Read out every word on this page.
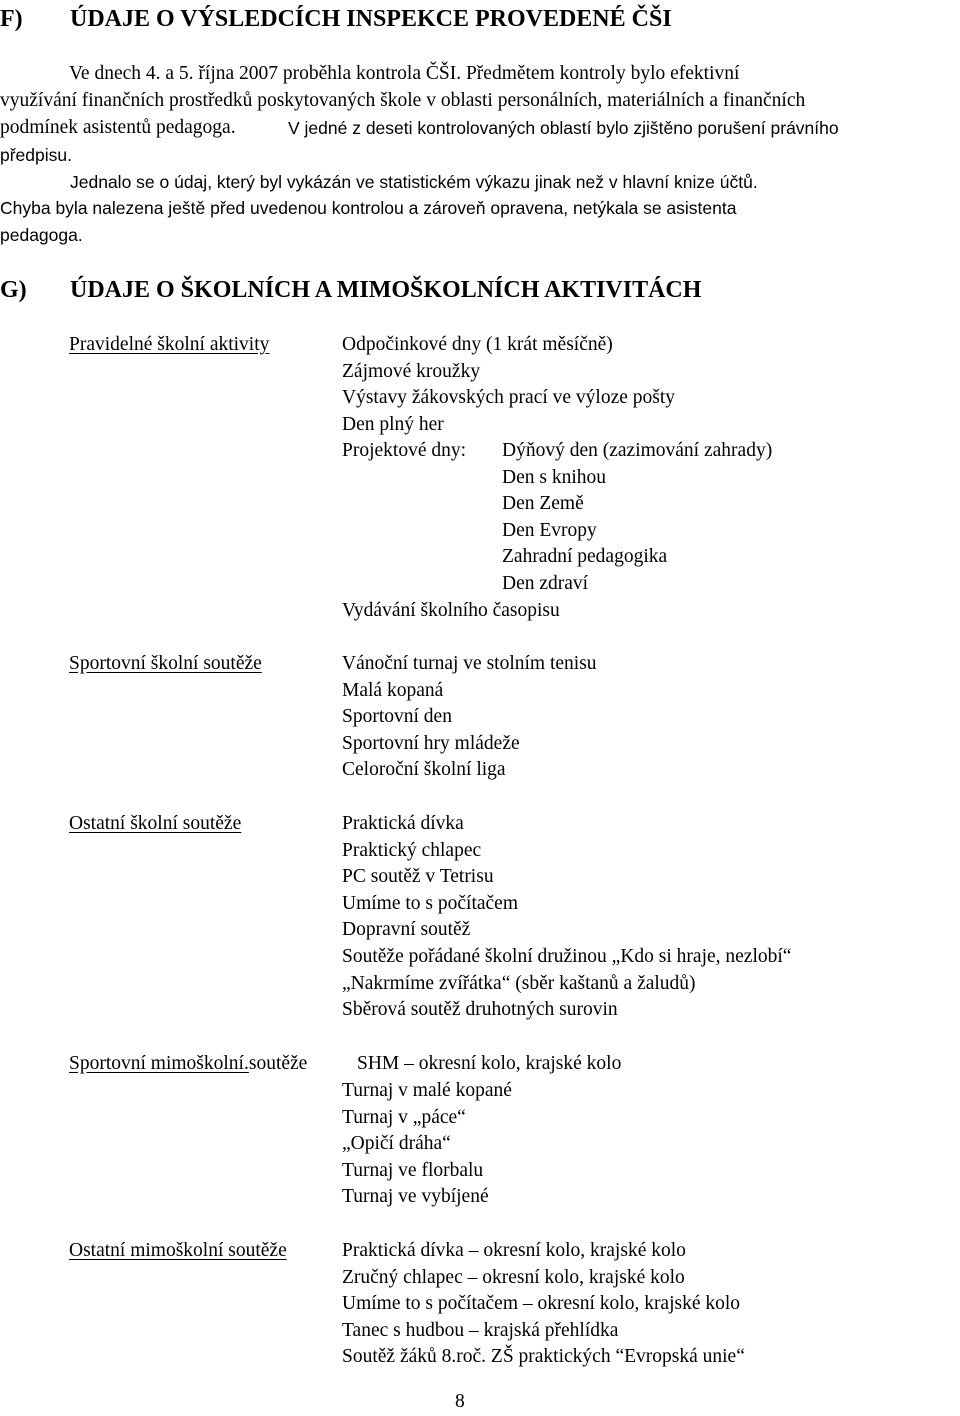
F) ÚDAJE O VÝSLEDCÍCH INSPEKCE PROVEDENÉ ČŠI
Ve dnech 4. a 5. října 2007 proběhla kontrola ČŠI. Předmětem kontroly bylo efektivní
využívání finančních prostředků poskytovaných škole v oblasti personálních, materiálních a finančních
podmínek asistentů pedagoga.	V jedné z deseti kontrolovaných oblastí bylo zjištěno porušení právního
předpisu.
Jednalo se o údaj, který byl vykázán ve statistickém výkazu jinak než v hlavní knize účtů.
Chyba byla nalezena ještě před uvedenou kontrolou a zároveň opravena, netýkala se asistenta
pedagoga.
G) ÚDAJE O ŠKOLNÍCH A MIMOŠKOLNÍCH AKTIVITÁCH
Pravidelné školní aktivity	Odpočinkové dny (1 krát měsíčně)
Zájmové kroužky
Výstavy žákovských prací ve výloze pošty
Den plný her
Projektové dny: Dýňový den (zazimování zahrady)
Den s knihou
Den Země
Den Evropy
Zahradní pedagogika
Den zdraví
Vydávání školního časopisu
Sportovní školní soutěže	Vánoční turnaj ve stolním tenisu
Malá kopaná
Sportovní den
Sportovní hry mládeže
Celoroční školní liga
Ostatní školní soutěže	Praktická dívka
Praktický chlapec
PC soutěž v Tetrisu
Umíme to s počítačem
Dopravní soutěž
Soutěže pořádané školní družinou „Kdo si hraje, nezlobí“
„Nakrmíme zvířátka“ (sběr kaštanů a žaludů)
Sběrová soutěž druhotných surovin
Sportovní mimoškolní.soutěže	SHM – okresní kolo, krajské kolo
Turnaj v malé kopané
Turnaj v „páce“
„Opičí dráha“
Turnaj ve florbalu
Turnaj ve vybíjené
Ostatní mimoškolní soutěže	Praktická dívka – okresní kolo, krajské kolo
Zručný chlapec – okresní kolo, krajské kolo
Umíme to s počítačem – okresní kolo, krajské kolo
Tanec s hudbou – krajská přehlídka
Soutěž žáků 8.roč. ZŠ praktických “Evropská unie“
8
